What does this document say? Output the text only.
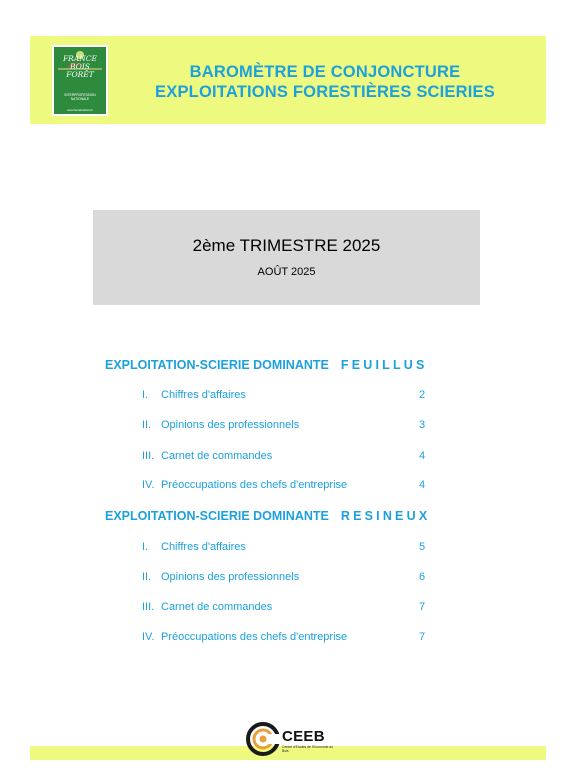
FRANCE
BOIS
FORÊT
INTERPROFESSION
NATIONALE
www.franceboisforet.fr
BAROMÈTRE DE CONJONCTURE
EXPLOITATIONS FORESTIÈRES SCIERIES
2ème TRIMESTRE 2025
AOÛT 2025
EXPLOITATION-SCIERIE DOMINANTE FEUILLUS
I. Chiffres d'affaires	2
II. Opinions des professionnels	3
III. Carnet de commandes	4
IV. Préoccupations des chefs d'entreprise	4
EXPLOITATION-SCIERIE DOMINANTE RESINEUX
I. Chiffres d'affaires	5
II. Opinions des professionnels	6
III. Carnet de commandes	7
IV. Préoccupations des chefs d'entreprise	7
CEEB
Centre d'Etudes de l'Economie du Bois
